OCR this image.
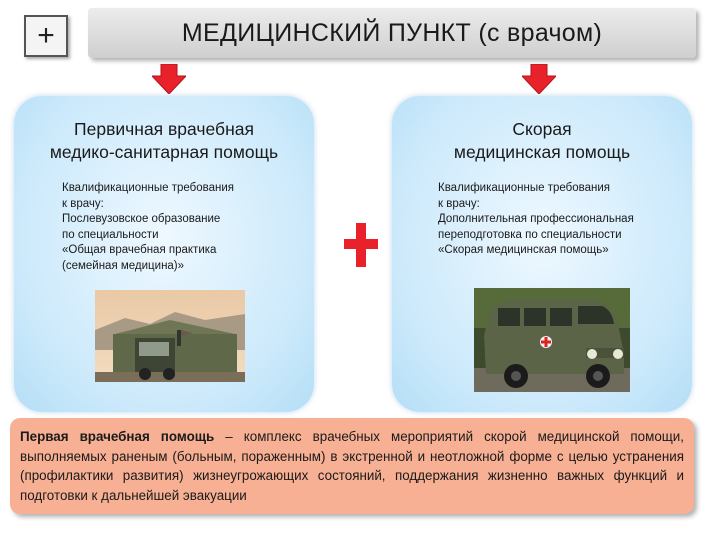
+	МЕДИЦИНСКИЙ ПУНКТ (с врачом)
Первичная врачебная
медико-санитарная помощь
Квалификационные требования
к врачу:
Послевузовское образование
по специальности
«Общая врачебная практика
(семейная медицина)»
Скорая
медицинская помощь
Квалификационные требования
к врачу:
Дополнительная профессиональная
переподготовка по специальности
«Скорая медицинская помощь»
Первая врачебная помощь – комплекс врачебных мероприятий скорой медицинской помощи, выполняемых раненым (больным, пораженным) в экстренной и неотложной форме с целью устранения (профилактики развития) жизнеугрожающих состояний, поддержания жизненно важных функций и подготовки к дальнейшей эвакуации
